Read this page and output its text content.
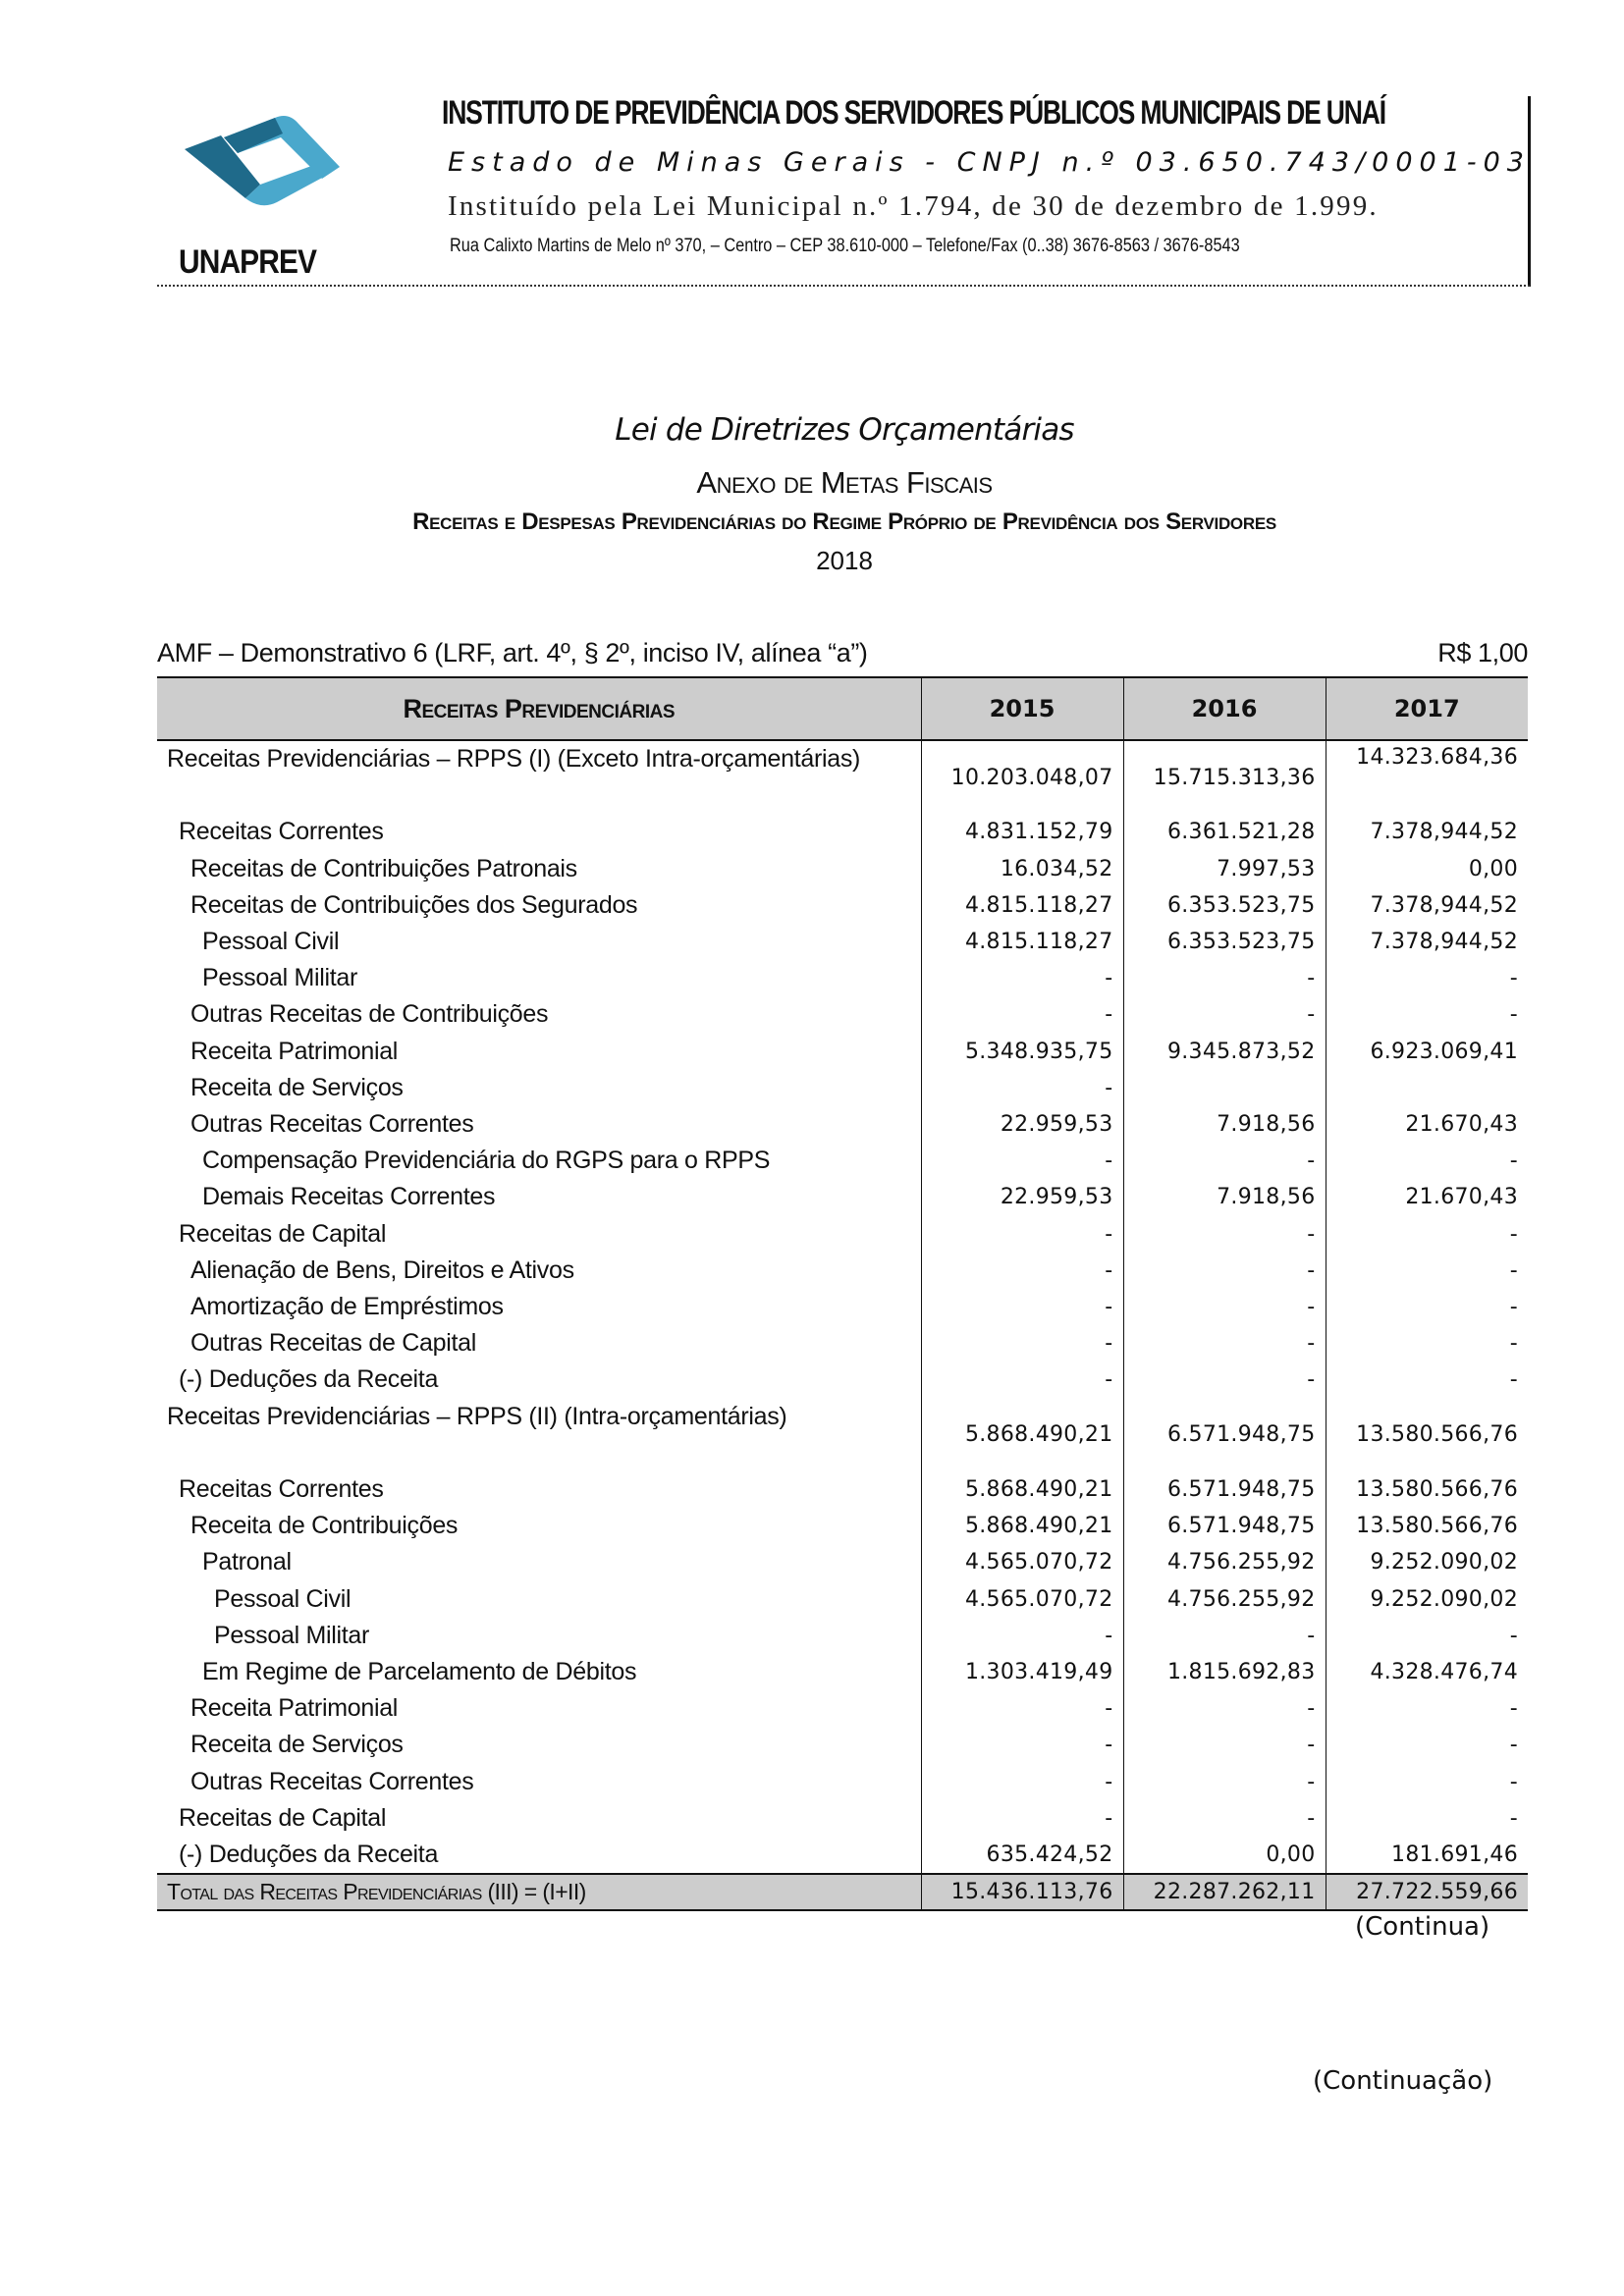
UNAPREV
INSTITUTO DE PREVIDÊNCIA DOS SERVIDORES PÚBLICOS MUNICIPAIS DE UNAÍ
Estado de Minas Gerais - CNPJ n.º 03.650.743/0001-03
Instituído pela Lei Municipal n.º 1.794, de 30 de dezembro de 1.999.
Rua Calixto Martins de Melo nº 370, – Centro – CEP 38.610-000 – Telefone/Fax (0..38) 3676-8563 / 3676-8543
Lei de Diretrizes Orçamentárias
Anexo de Metas Fiscais
Receitas e Despesas Previdenciárias do Regime Próprio de Previdência dos Servidores
2018
AMF – Demonstrativo 6 (LRF, art. 4º, § 2º, inciso IV, alínea “a”)	R$ 1,00
Receitas Previdenciárias	2015	2016	2017
Receitas Previdenciárias – RPPS (I) (Exceto Intra-orçamentárias)	10.203.048,07	15.715.313,36	14.323.684,36
Receitas Correntes	4.831.152,79	6.361.521,28	7.378,944,52
Receitas de Contribuições Patronais	16.034,52	7.997,53	0,00
Receitas de Contribuições dos Segurados	4.815.118,27	6.353.523,75	7.378,944,52
Pessoal Civil	4.815.118,27	6.353.523,75	7.378,944,52
Pessoal Militar	-	-	-
Outras Receitas de Contribuições	-	-	-
Receita Patrimonial	5.348.935,75	9.345.873,52	6.923.069,41
Receita de Serviços	-		
Outras Receitas Correntes	22.959,53	7.918,56	21.670,43
Compensação Previdenciária do RGPS para o RPPS	-	-	-
Demais Receitas Correntes	22.959,53	7.918,56	21.670,43
Receitas de Capital	-	-	-
Alienação de Bens, Direitos e Ativos	-	-	-
Amortização de Empréstimos	-	-	-
Outras Receitas de Capital	-	-	-
(-) Deduções da Receita	-	-	-
Receitas Previdenciárias – RPPS (II) (Intra-orçamentárias)	5.868.490,21	6.571.948,75	13.580.566,76
Receitas Correntes	5.868.490,21	6.571.948,75	13.580.566,76
Receita de Contribuições	5.868.490,21	6.571.948,75	13.580.566,76
Patronal	4.565.070,72	4.756.255,92	9.252.090,02
Pessoal Civil	4.565.070,72	4.756.255,92	9.252.090,02
Pessoal Militar	-	-	-
Em Regime de Parcelamento de Débitos	1.303.419,49	1.815.692,83	4.328.476,74
Receita Patrimonial	-	-	-
Receita de Serviços	-	-	-
Outras Receitas Correntes	-	-	-
Receitas de Capital	-	-	-
(-) Deduções da Receita	635.424,52	0,00	181.691,46
Total das Receitas Previdenciárias (III) = (I+II)	15.436.113,76	22.287.262,11	27.722.559,66
(Continua)
(Continuação)
